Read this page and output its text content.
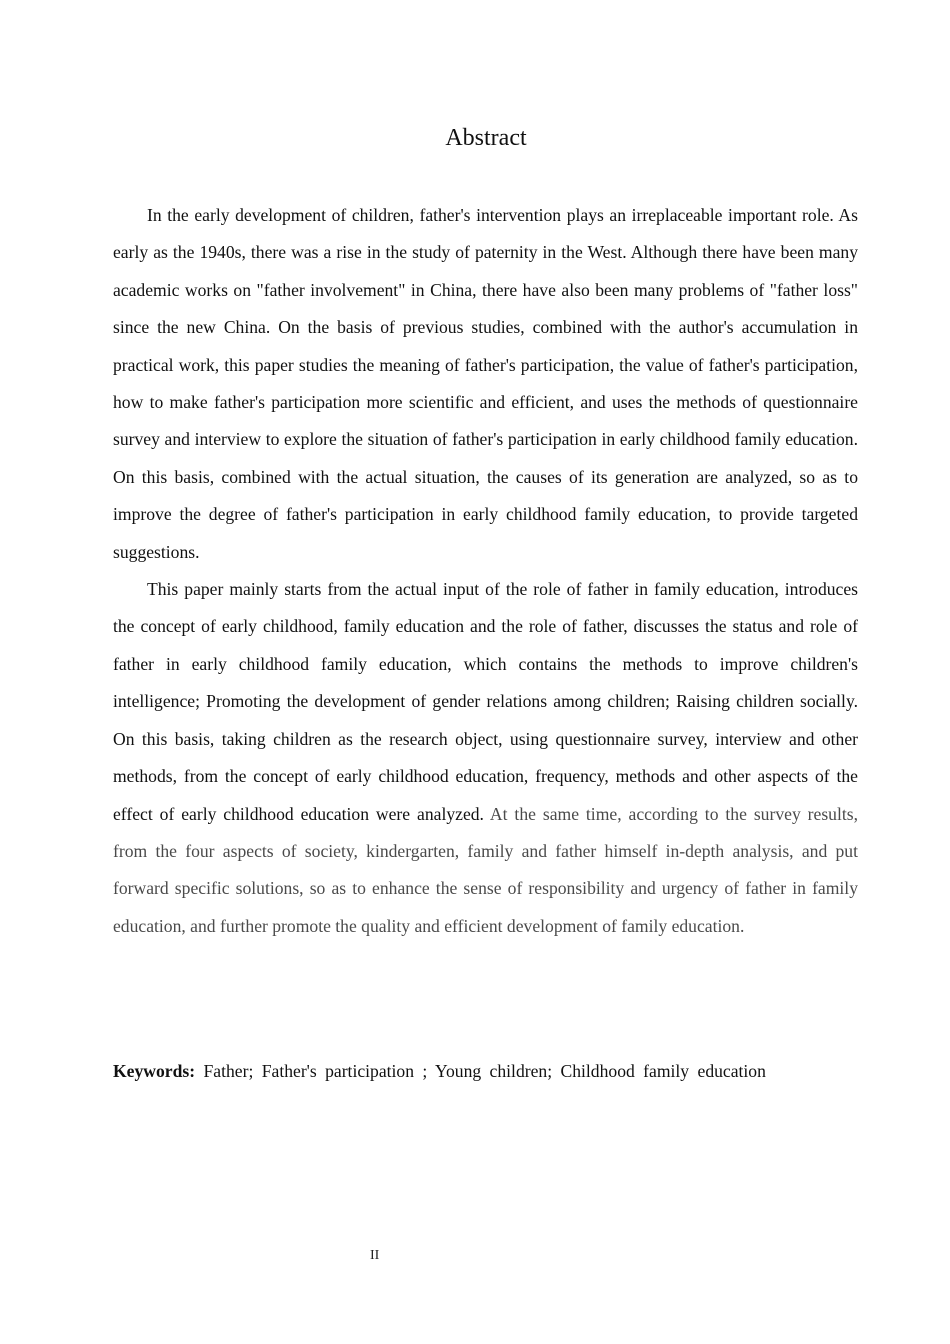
Abstract

In the early development of children, father's intervention plays an irreplaceable important role. As early as the 1940s, there was a rise in the study of paternity in the West. Although there have been many academic works on "father involvement" in China, there have also been many problems of "father loss" since the new China. On the basis of previous studies, combined with the author's accumulation in practical work, this paper studies the meaning of father's participation, the value of father's participation, how to make father's participation more scientific and efficient, and uses the methods of questionnaire survey and interview to explore the situation of father's participation in early childhood family education. On this basis, combined with the actual situation, the causes of its generation are analyzed, so as to improve the degree of father's participation in early childhood family education, to provide targeted suggestions.

This paper mainly starts from the actual input of the role of father in family education, introduces the concept of early childhood, family education and the role of father, discusses the status and role of father in early childhood family education, which contains the methods to improve children's intelligence; Promoting the development of gender relations among children; Raising children socially. On this basis, taking children as the research object, using questionnaire survey, interview and other methods, from the concept of early childhood education, frequency, methods and other aspects of the effect of early childhood education were analyzed. At the same time, according to the survey results, from the four aspects of society, kindergarten, family and father himself in-depth analysis, and put forward specific solutions, so as to enhance the sense of responsibility and urgency of father in family education, and further promote the quality and efficient development of family education.

Keywords: Father; Father's participation ; Young children; Childhood family education
II
